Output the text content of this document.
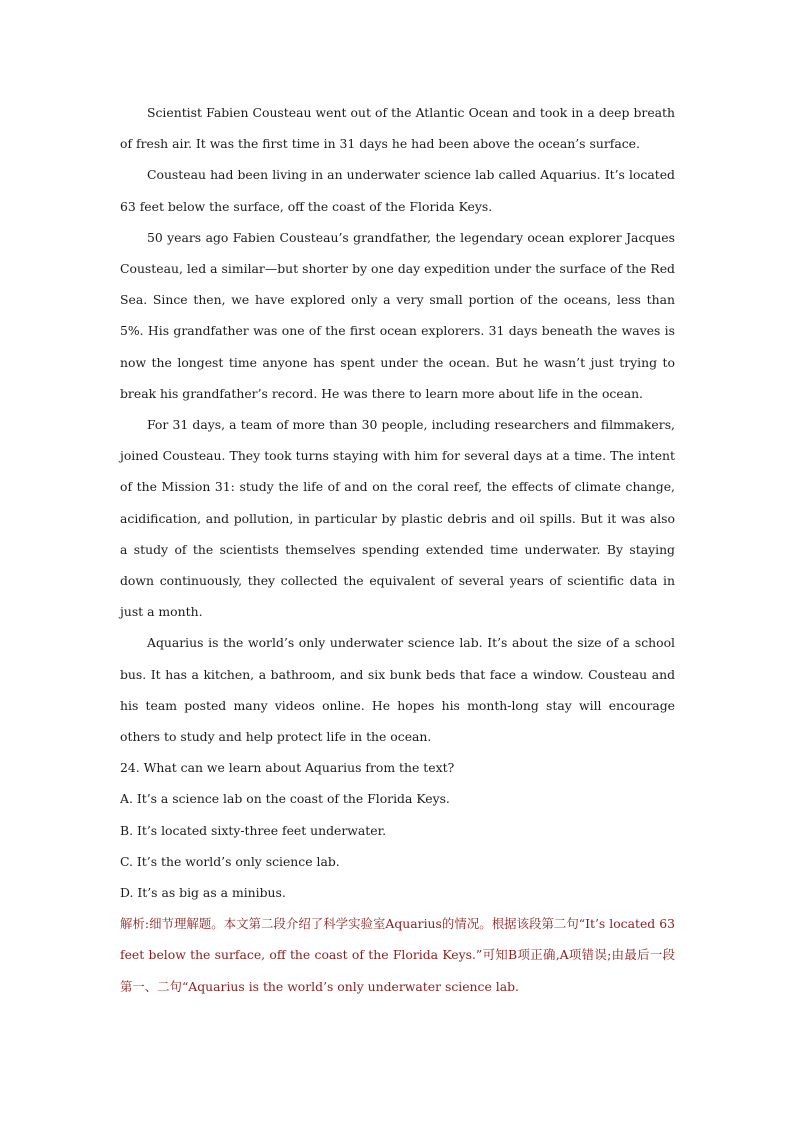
Scientist Fabien Cousteau went out of the Atlantic Ocean and took in a deep breath of fresh air. It was the first time in 31 days he had been above the ocean’s surface.

Cousteau had been living in an underwater science lab called Aquarius. It’s located 63 feet below the surface, off the coast of the Florida Keys.

50 years ago Fabien Cousteau’s grandfather, the legendary ocean explorer Jacques Cousteau, led a similar—but shorter by one day expedition under the surface of the Red Sea. Since then, we have explored only a very small portion of the oceans, less than 5%. His grandfather was one of the first ocean explorers. 31 days beneath the waves is now the longest time anyone has spent under the ocean. But he wasn’t just trying to break his grandfather’s record. He was there to learn more about life in the ocean.

For 31 days, a team of more than 30 people, including researchers and filmmakers, joined Cousteau. They took turns staying with him for several days at a time. The intent of the Mission 31: study the life of and on the coral reef, the effects of climate change, acidification, and pollution, in particular by plastic debris and oil spills. But it was also a study of the scientists themselves spending extended time underwater. By staying down continuously, they collected the equivalent of several years of scientific data in just a month.

Aquarius is the world’s only underwater science lab. It’s about the size of a school bus. It has a kitchen, a bathroom, and six bunk beds that face a window. Cousteau and his team posted many videos online. He hopes his month-long stay will encourage others to study and help protect life in the ocean.

24. What can we learn about Aquarius from the text?

A. It’s a science lab on the coast of the Florida Keys.

B. It’s located sixty-three feet underwater.

C. It’s the world’s only science lab.

D. It’s as big as a minibus.

解析:细节理解题。本文第二段介绍了科学实验室Aquarius的情况。根据该段第二句“It’s located 63 feet below the surface, off the coast of the Florida Keys.”可知B项正确,A项错误;由最后一段第一、二句“Aquarius is the world’s only underwater science lab.
